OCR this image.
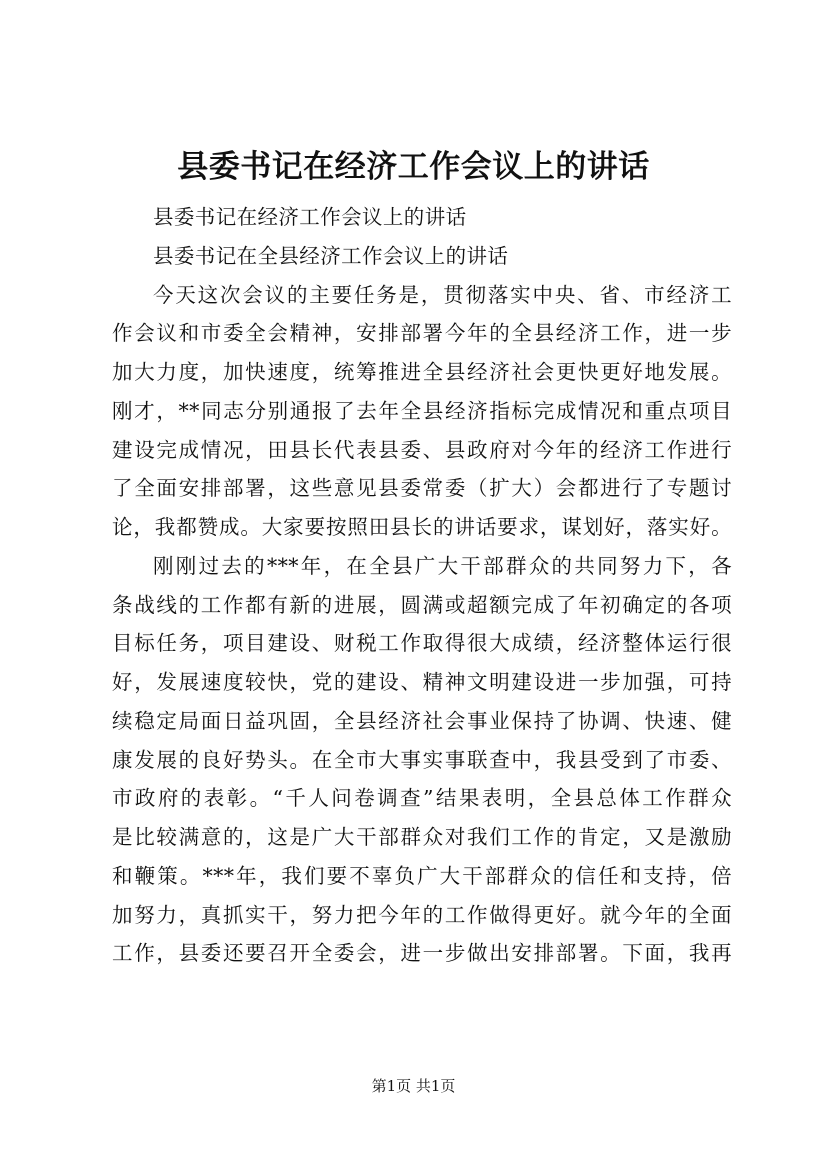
县委书记在经济工作会议上的讲话
县委书记在经济工作会议上的讲话
县委书记在全县经济工作会议上的讲话
今天这次会议的主要任务是，贯彻落实中央、省、市经济工
作会议和市委全会精神，安排部署今年的全县经济工作，进一步
加大力度，加快速度，统筹推进全县经济社会更快更好地发展。
刚才，**同志分别通报了去年全县经济指标完成情况和重点项目
建设完成情况，田县长代表县委、县政府对今年的经济工作进行
了全面安排部署，这些意见县委常委（扩大）会都进行了专题讨
论，我都赞成。大家要按照田县长的讲话要求，谋划好，落实好。
刚刚过去的***年，在全县广大干部群众的共同努力下，各
条战线的工作都有新的进展，圆满或超额完成了年初确定的各项
目标任务，项目建设、财税工作取得很大成绩，经济整体运行很
好，发展速度较快，党的建设、精神文明建设进一步加强，可持
续稳定局面日益巩固，全县经济社会事业保持了协调、快速、健
康发展的良好势头。在全市大事实事联查中，我县受到了市委、
市政府的表彰。“千人问卷调查”结果表明，全县总体工作群众
是比较满意的，这是广大干部群众对我们工作的肯定，又是激励
和鞭策。***年，我们要不辜负广大干部群众的信任和支持，倍
加努力，真抓实干，努力把今年的工作做得更好。就今年的全面
工作，县委还要召开全委会，进一步做出安排部署。下面，我再
第1页 共1页
